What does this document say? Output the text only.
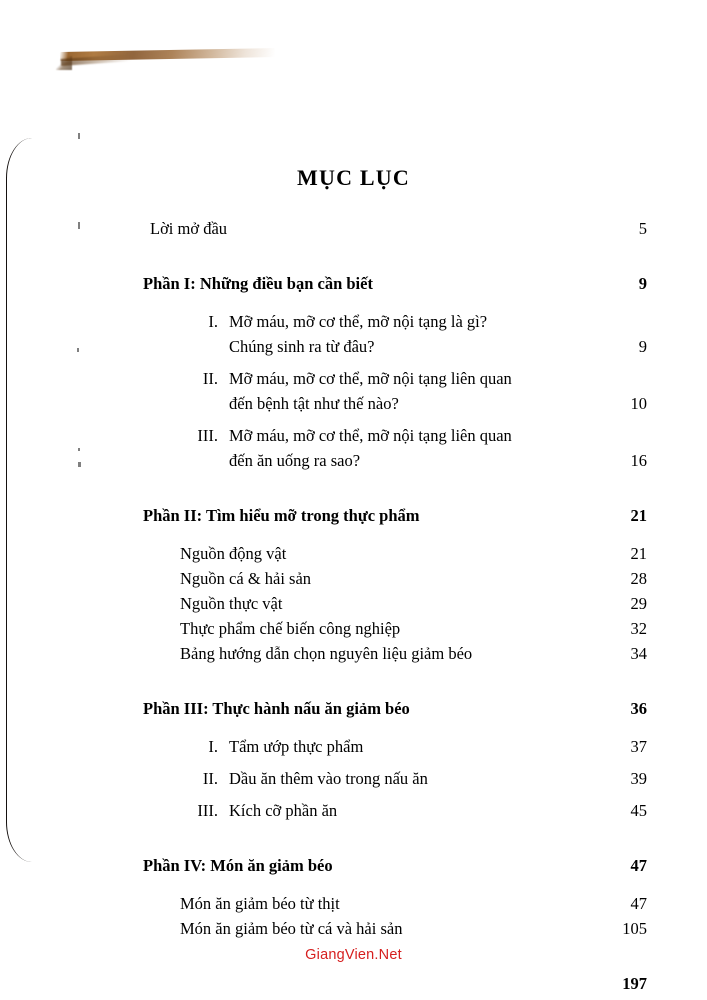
MỤC LỤC
Lời mở đầu	5
Phần I: Những điều bạn cần biết	9
I. Mỡ máu, mỡ cơ thể, mỡ nội tạng là gì?
Chúng sinh ra từ đâu?	9
II. Mỡ máu, mỡ cơ thể, mỡ nội tạng liên quan
đến bệnh tật như thế nào?	10
III. Mỡ máu, mỡ cơ thể, mỡ nội tạng liên quan
đến ăn uống ra sao?	16
Phần II: Tìm hiểu mỡ trong thực phẩm	21
Nguồn động vật	21
Nguồn cá & hải sản	28
Nguồn thực vật	29
Thực phẩm chế biến công nghiệp	32
Bảng hướng dẫn chọn nguyên liệu giảm béo	34
Phần III: Thực hành nấu ăn giảm béo	36
I. Tẩm ướp thực phẩm	37
II. Dầu ăn thêm vào trong nấu ăn	39
III. Kích cỡ phần ăn	45
Phần IV: Món ăn giảm béo	47
Món ăn giảm béo từ thịt	47
Món ăn giảm béo từ cá và hải sản	105
197
GiangVien.Net
